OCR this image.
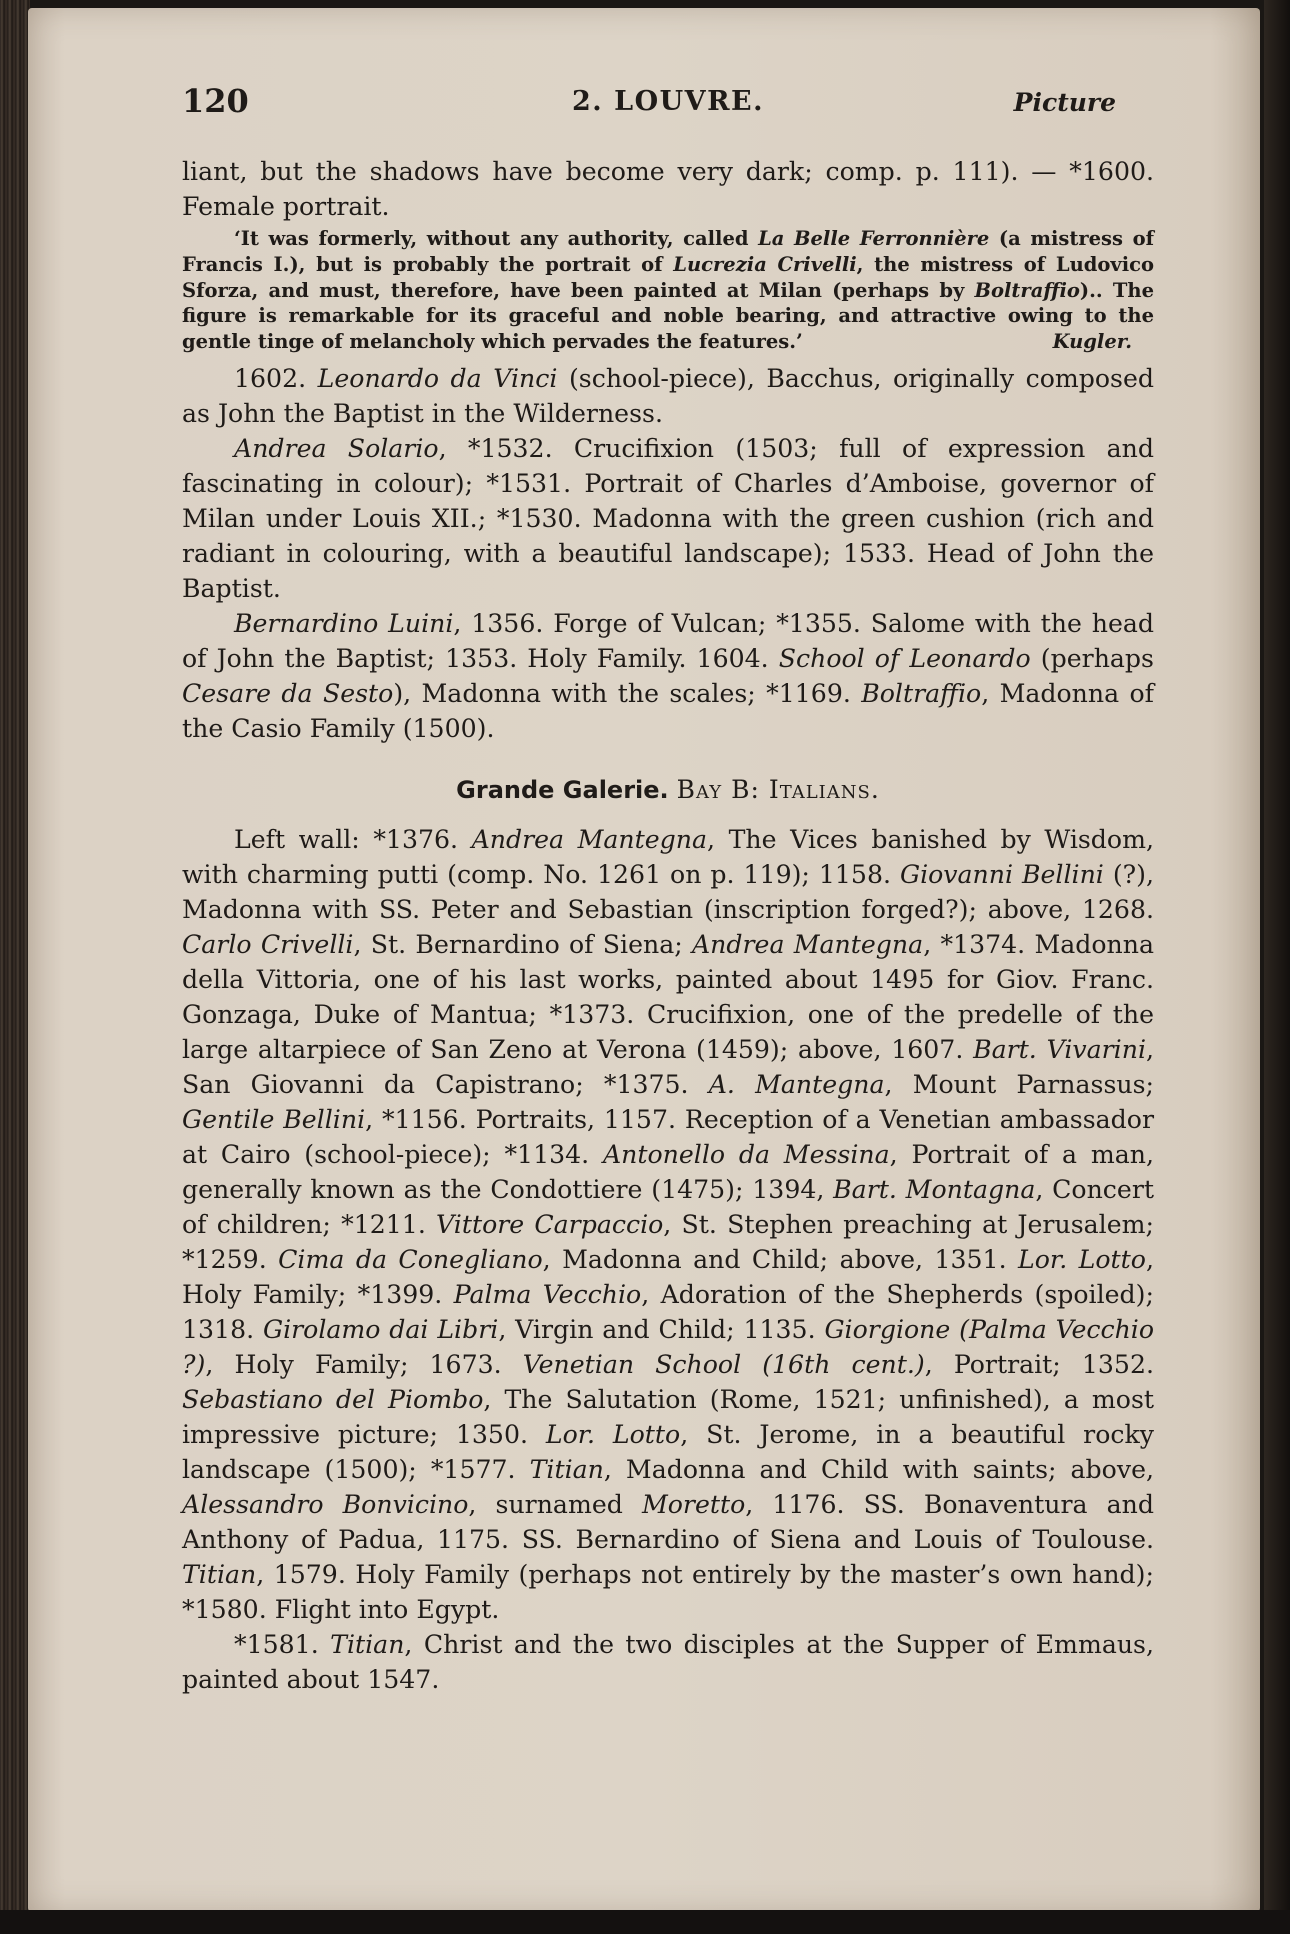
120	2. LOUVRE.	Picture

liant, but the shadows have become very dark; comp. p. 111). — *1600. Female portrait.

‘It was formerly, without any authority, called La Belle Ferronnière (a mistress of Francis I.), but is probably the portrait of Lucrezia Crivelli, the mistress of Ludovico Sforza, and must, therefore, have been painted at Milan (perhaps by Boltraffio).. The figure is remarkable for its graceful and noble bearing, and attractive owing to the gentle tinge of melancholy which pervades the features.’	Kugler.

1602. Leonardo da Vinci (school-piece), Bacchus, originally composed as John the Baptist in the Wilderness.

Andrea Solario, *1532. Crucifixion (1503; full of expression and fascinating in colour); *1531. Portrait of Charles d’Amboise, governor of Milan under Louis XII.; *1530. Madonna with the green cushion (rich and radiant in colouring, with a beautiful landscape); 1533. Head of John the Baptist.

Bernardino Luini, 1356. Forge of Vulcan; *1355. Salome with the head of John the Baptist; 1353. Holy Family. 1604. School of Leonardo (perhaps Cesare da Sesto), Madonna with the scales; *1169. Boltraffio, Madonna of the Casio Family (1500).

Grande Galerie. Bay B: Italians.

Left wall: *1376. Andrea Mantegna, The Vices banished by Wisdom, with charming putti (comp. No. 1261 on p. 119); 1158. Giovanni Bellini (?), Madonna with SS. Peter and Sebastian (inscription forged?); above, 1268. Carlo Crivelli, St. Bernardino of Siena; Andrea Mantegna, *1374. Madonna della Vittoria, one of his last works, painted about 1495 for Giov. Franc. Gonzaga, Duke of Mantua; *1373. Crucifixion, one of the predelle of the large altarpiece of San Zeno at Verona (1459); above, 1607. Bart. Vivarini, San Giovanni da Capistrano; *1375. A. Mantegna, Mount Parnassus; Gentile Bellini, *1156. Portraits, 1157. Reception of a Venetian ambassador at Cairo (school-piece); *1134. Antonello da Messina, Portrait of a man, generally known as the Condottiere (1475); 1394, Bart. Montagna, Concert of children; *1211. Vittore Carpaccio, St. Stephen preaching at Jerusalem; *1259. Cima da Conegliano, Madonna and Child; above, 1351. Lor. Lotto, Holy Family; *1399. Palma Vecchio, Adoration of the Shepherds (spoiled); 1318. Girolamo dai Libri, Virgin and Child; 1135. Giorgione (Palma Vecchio ?), Holy Family; 1673. Venetian School (16th cent.), Portrait; 1352. Sebastiano del Piombo, The Salutation (Rome, 1521; unfinished), a most impressive picture; 1350. Lor. Lotto, St. Jerome, in a beautiful rocky landscape (1500); *1577. Titian, Madonna and Child with saints; above, Alessandro Bonvicino, surnamed Moretto, 1176. SS. Bonaventura and Anthony of Padua, 1175. SS. Bernardino of Siena and Louis of Toulouse. Titian, 1579. Holy Family (perhaps not entirely by the master’s own hand); *1580. Flight into Egypt.

*1581. Titian, Christ and the two disciples at the Supper of Emmaus, painted about 1547.
